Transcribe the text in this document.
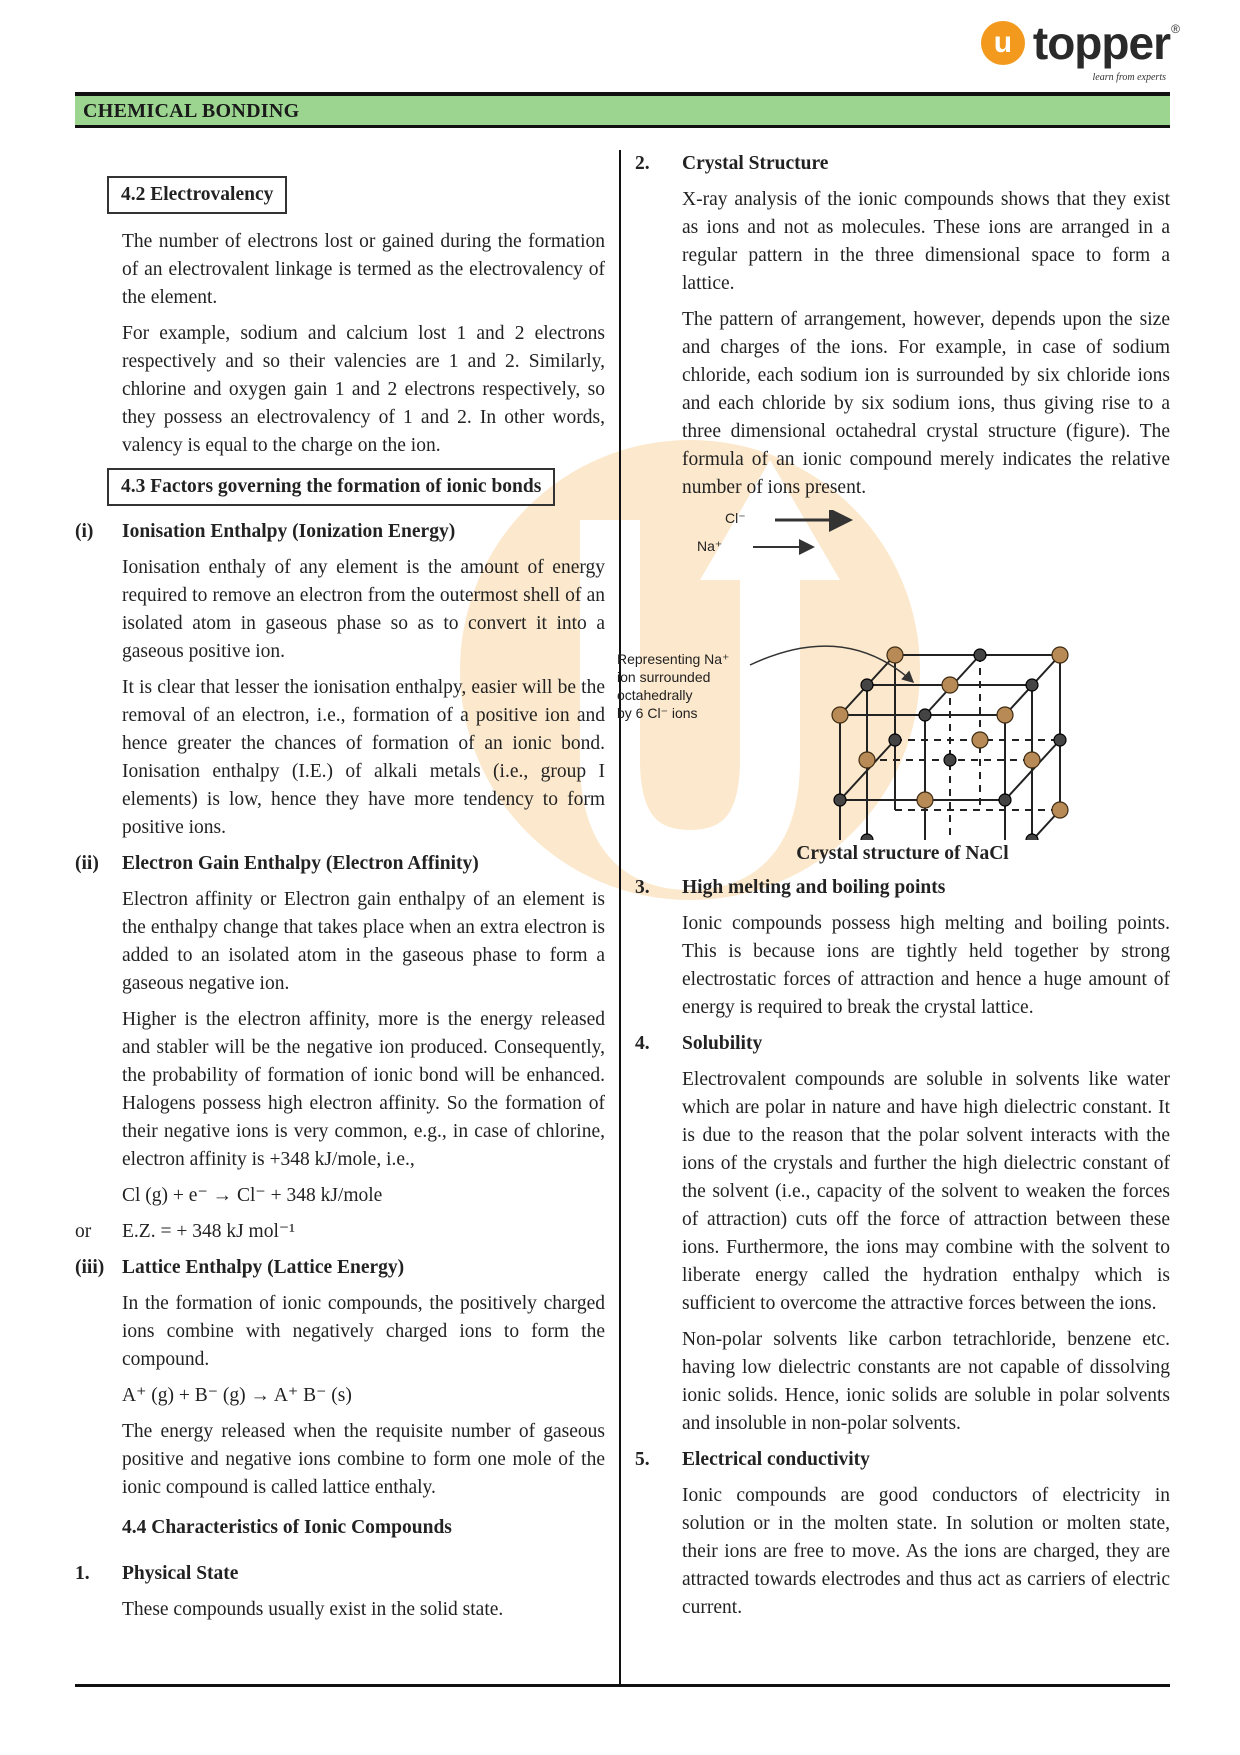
u topper ®
learn from experts
CHEMICAL BONDING
4.2 Electrovalency

The number of electrons lost or gained during the formation of an electrovalent linkage is termed as the electrovalency of the element.

For example, sodium and calcium lost 1 and 2 electrons respectively and so their valencies are 1 and 2. Similarly, chlorine and oxygen gain 1 and 2 electrons respectively, so they possess an electrovalency of 1 and 2. In other words, valency is equal to the charge on the ion.

4.3 Factors governing the formation of ionic bonds
(i)	Ionisation Enthalpy (Ionization Energy)

Ionisation enthaly of any element is the amount of energy required to remove an electron from the outermost shell of an isolated atom in gaseous phase so as to convert it into a gaseous positive ion.

It is clear that lesser the ionisation enthalpy, easier will be the removal of an electron, i.e., formation of a positive ion and hence greater the chances of formation of an ionic bond. Ionisation enthalpy (I.E.) of alkali metals (i.e., group I elements) is low, hence they have more tendency to form positive ions.

(ii)	Electron Gain Enthalpy (Electron Affinity)

Electron affinity or Electron gain enthalpy of an element is the enthalpy change that takes place when an extra electron is added to an isolated atom in the gaseous phase to form a gaseous negative ion.

Higher is the electron affinity, more is the energy released and stabler will be the negative ion produced. Consequently, the probability of formation of ionic bond will be enhanced. Halogens possess high electron affinity. So the formation of their negative ions is very common, e.g., in case of chlorine, electron affinity is +348 kJ/mole, i.e.,

Cl (g) + e⁻ → Cl⁻ + 348 kJ/mole

or	E.Z. = + 348 kJ mol⁻¹
(iii) Lattice Enthalpy (Lattice Energy)

In the formation of ionic compounds, the positively charged ions combine with negatively charged ions to form the compound.

A⁺ (g) + B⁻ (g) → A⁺ B⁻ (s)

The energy released when the requisite number of gaseous positive and negative ions combine to form one mole of the ionic compound is called lattice enthaly.

4.4 Characteristics of Ionic Compounds

1.	Physical State

These compounds usually exist in the solid state.

2.	Crystal Structure

X-ray analysis of the ionic compounds shows that they exist as ions and not as molecules. These ions are arranged in a regular pattern in the three dimensional space to form a lattice.

The pattern of arrangement, however, depends upon the size and charges of the ions. For example, in case of sodium chloride, each sodium ion is surrounded by six chloride ions and each chloride by six sodium ions, thus giving rise to a three dimensional octahedral crystal structure (figure). The formula of an ionic compound merely indicates the relative number of ions present.

Cl⁻
Na⁺
Representing Na⁺
ion surrounded
octahedrally
by 6 Cl⁻ ions

Crystal structure of NaCl

3.	High melting and boiling points

Ionic compounds possess high melting and boiling points. This is because ions are tightly held together by strong electrostatic forces of attraction and hence a huge amount of energy is required to break the crystal lattice.

4.	Solubility

Electrovalent compounds are soluble in solvents like water which are polar in nature and have high dielectric constant. It is due to the reason that the polar solvent interacts with the ions of the crystals and further the high dielectric constant of the solvent (i.e., capacity of the solvent to weaken the forces of attraction) cuts off the force of attraction between these ions. Furthermore, the ions may combine with the solvent to liberate energy called the hydration enthalpy which is sufficient to overcome the attractive forces between the ions.

Non-polar solvents like carbon tetrachloride, benzene etc. having low dielectric constants are not capable of dissolving ionic solids. Hence, ionic solids are soluble in polar solvents and insoluble in non-polar solvents.

5.	Electrical conductivity

Ionic compounds are good conductors of electricity in solution or in the molten state. In solution or molten state, their ions are free to move. As the ions are charged, they are attracted towards electrodes and thus act as carriers of electric current.
